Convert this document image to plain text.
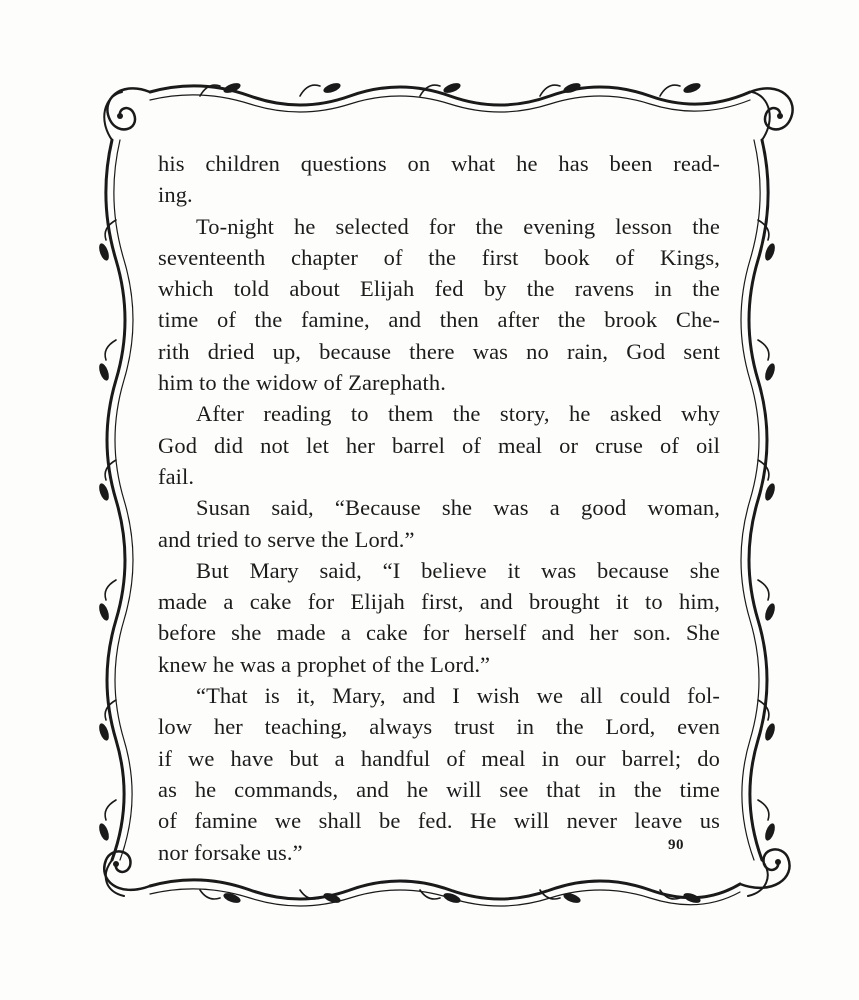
his children questions on what he has been read-
ing.
To-night he selected for the evening lesson the
seventeenth chapter of the first book of Kings,
which told about Elijah fed by the ravens in the
time of the famine, and then after the brook Che-
rith dried up, because there was no rain, God sent
him to the widow of Zarephath.
After reading to them the story, he asked why
God did not let her barrel of meal or cruse of oil
fail.
Susan said, “Because she was a good woman,
and tried to serve the Lord.”
But Mary said, “I believe it was because she
made a cake for Elijah first, and brought it to him,
before she made a cake for herself and her son. She
knew he was a prophet of the Lord.”
“That is it, Mary, and I wish we all could fol-
low her teaching, always trust in the Lord, even
if we have but a handful of meal in our barrel; do
as he commands, and he will see that in the time
of famine we shall be fed. He will never leave us
nor forsake us.”	90
